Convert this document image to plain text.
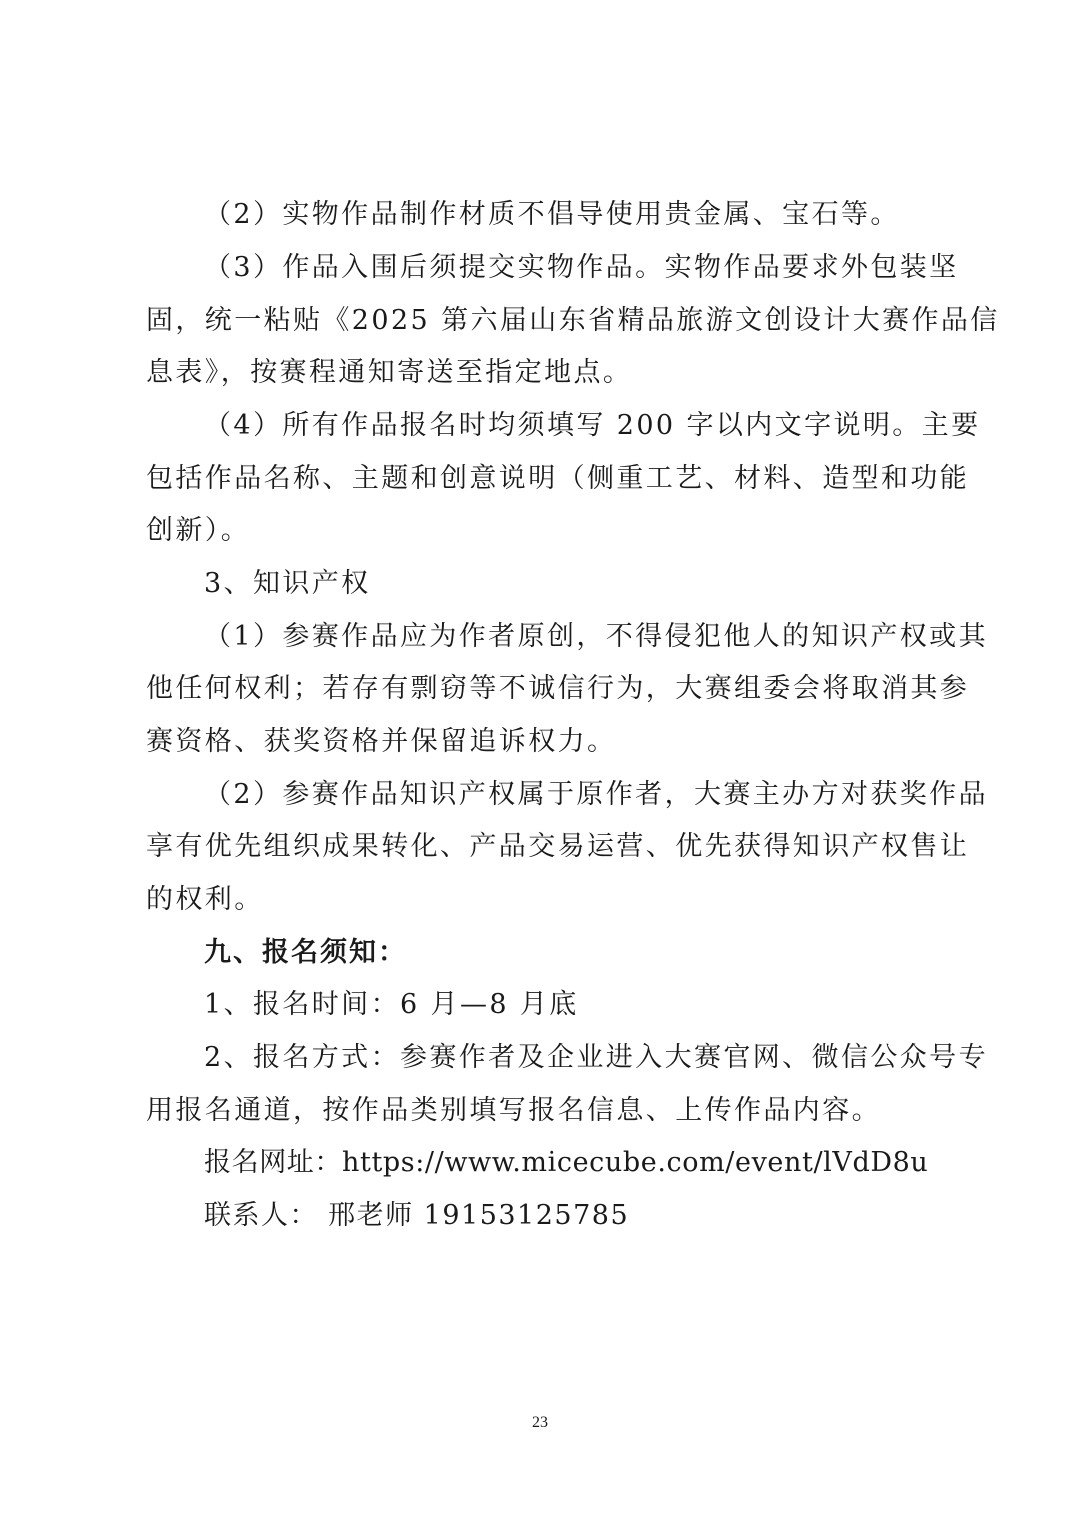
（2）实物作品制作材质不倡导使用贵金属、宝石等。
（3）作品入围后须提交实物作品。实物作品要求外包装坚
固，统一粘贴《2025 第六届山东省精品旅游文创设计大赛作品信
息表》，按赛程通知寄送至指定地点。
（4）所有作品报名时均须填写 200 字以内文字说明。主要
包括作品名称、主题和创意说明（侧重工艺、材料、造型和功能
创新）。
3、知识产权
（1）参赛作品应为作者原创，不得侵犯他人的知识产权或其
他任何权利；若存有剽窃等不诚信行为，大赛组委会将取消其参
赛资格、获奖资格并保留追诉权力。
（2）参赛作品知识产权属于原作者，大赛主办方对获奖作品
享有优先组织成果转化、产品交易运营、优先获得知识产权售让
的权利。
九、报名须知：
1、报名时间：6 月—8 月底
2、报名方式：参赛作者及企业进入大赛官网、微信公众号专
用报名通道，按作品类别填写报名信息、上传作品内容。
报名网址：https://www.micecube.com/event/lVdD8u
联系人： 邢老师 19153125785
23
